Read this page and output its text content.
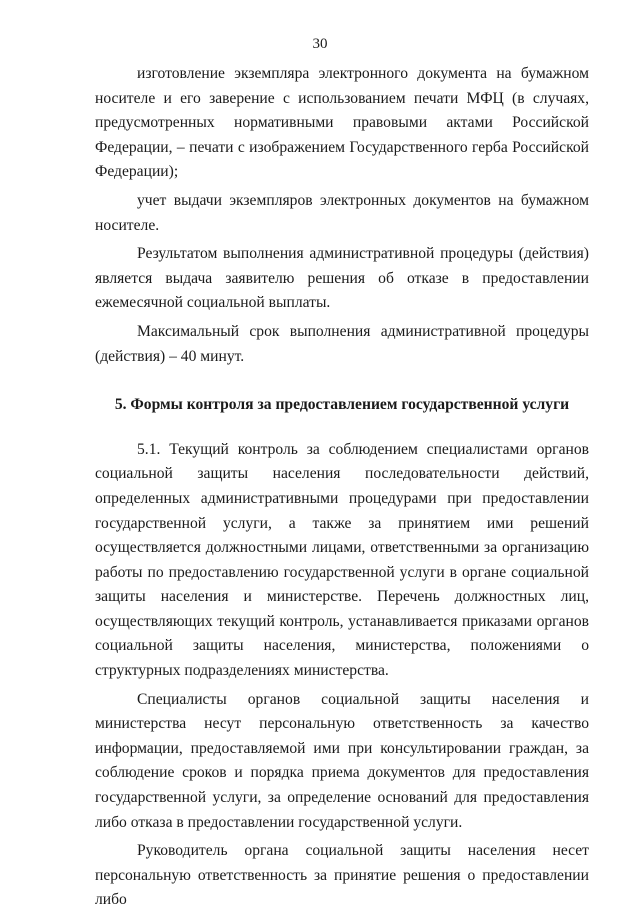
30

изготовление экземпляра электронного документа на бумажном носителе и его заверение с использованием печати МФЦ (в случаях, предусмотренных нормативными правовыми актами Российской Федерации, – печати с изображением Государственного герба Российской Федерации);

учет выдачи экземпляров электронных документов на бумажном носителе.

Результатом выполнения административной процедуры (действия) является выдача заявителю решения об отказе в предоставлении ежемесячной социальной выплаты.

Максимальный срок выполнения административной процедуры (действия) – 40 минут.

5. Формы контроля за предоставлением государственной услуги

5.1. Текущий контроль за соблюдением специалистами органов социальной защиты населения последовательности действий, определенных административными процедурами при предоставлении государственной услуги, а также за принятием ими решений осуществляется должностными лицами, ответственными за организацию работы по предоставлению государственной услуги в органе социальной защиты населения и министерстве. Перечень должностных лиц, осуществляющих текущий контроль, устанавливается приказами органов социальной защиты населения, министерства, положениями о структурных подразделениях министерства.

Специалисты органов социальной защиты населения и министерства несут персональную ответственность за качество информации, предоставляемой ими при консультировании граждан, за соблюдение сроков и порядка приема документов для предоставления государственной услуги, за определение оснований для предоставления либо отказа в предоставлении государственной услуги.

Руководитель органа социальной защиты населения несет персональную ответственность за принятие решения о предоставлении либо
